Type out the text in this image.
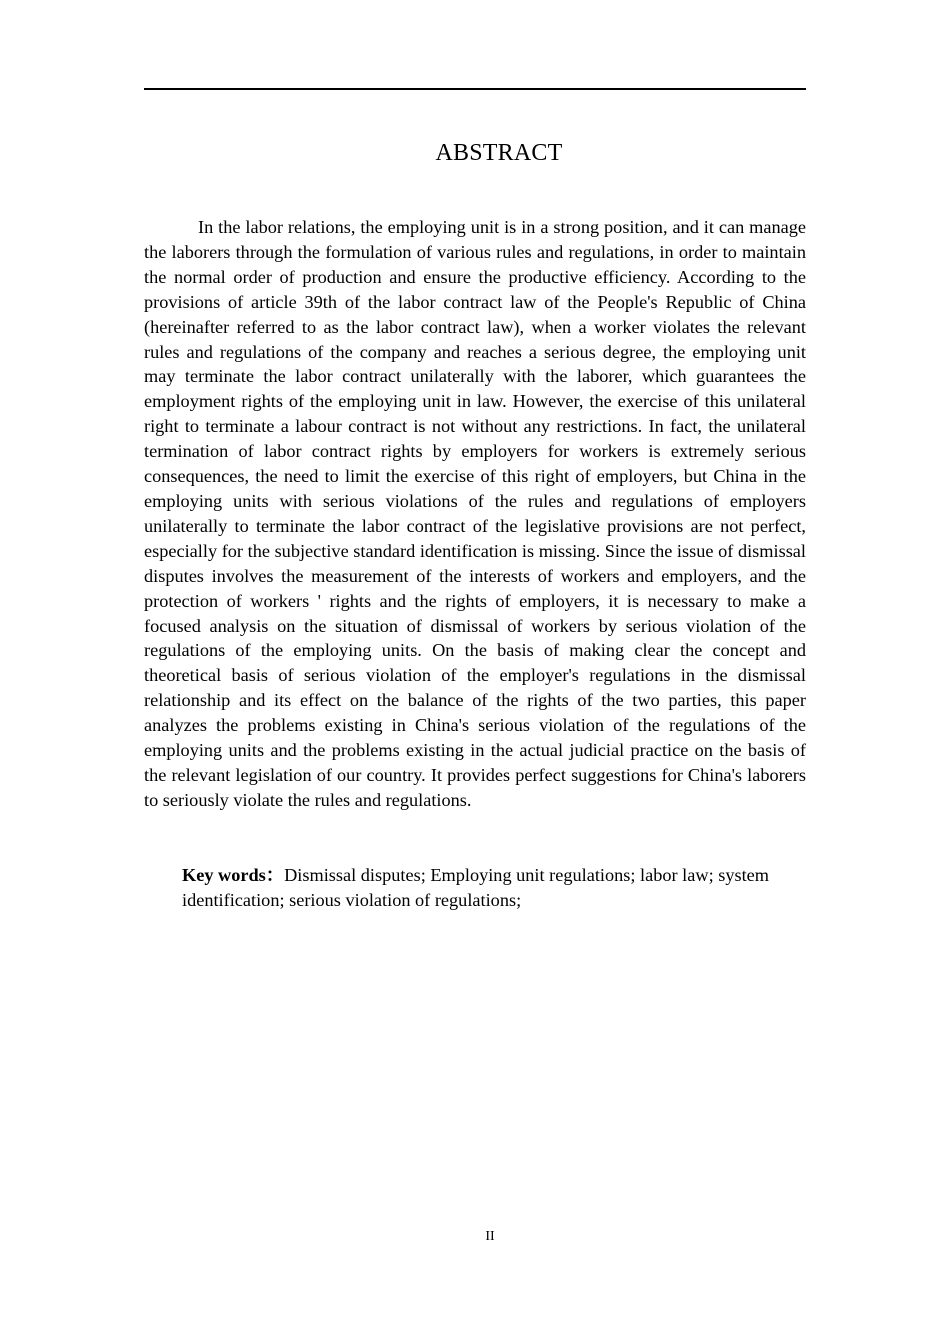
ABSTRACT

In the labor relations, the employing unit is in a strong position, and it can manage the laborers through the formulation of various rules and regulations, in order to maintain the normal order of production and ensure the productive efficiency. According to the provisions of article 39th of the labor contract law of the People's Republic of China (hereinafter referred to as the labor contract law), when a worker violates the relevant rules and regulations of the company and reaches a serious degree, the employing unit may terminate the labor contract unilaterally with the laborer, which guarantees the employment rights of the employing unit in law. However, the exercise of this unilateral right to terminate a labour contract is not without any restrictions. In fact, the unilateral termination of labor contract rights by employers for workers is extremely serious consequences, the need to limit the exercise of this right of employers, but China in the employing units with serious violations of the rules and regulations of employers unilaterally to terminate the labor contract of the legislative provisions are not perfect, especially for the subjective standard identification is missing. Since the issue of dismissal disputes involves the measurement of the interests of workers and employers, and the protection of workers ' rights and the rights of employers, it is necessary to make a focused analysis on the situation of dismissal of workers by serious violation of the regulations of the employing units. On the basis of making clear the concept and theoretical basis of serious violation of the employer's regulations in the dismissal relationship and its effect on the balance of the rights of the two parties, this paper analyzes the problems existing in China's serious violation of the regulations of the employing units and the problems existing in the actual judicial practice on the basis of the relevant legislation of our country. It provides perfect suggestions for China's laborers to seriously violate the rules and regulations.

Key words：Dismissal disputes; Employing unit regulations; labor law; system identification; serious violation of regulations;

II
